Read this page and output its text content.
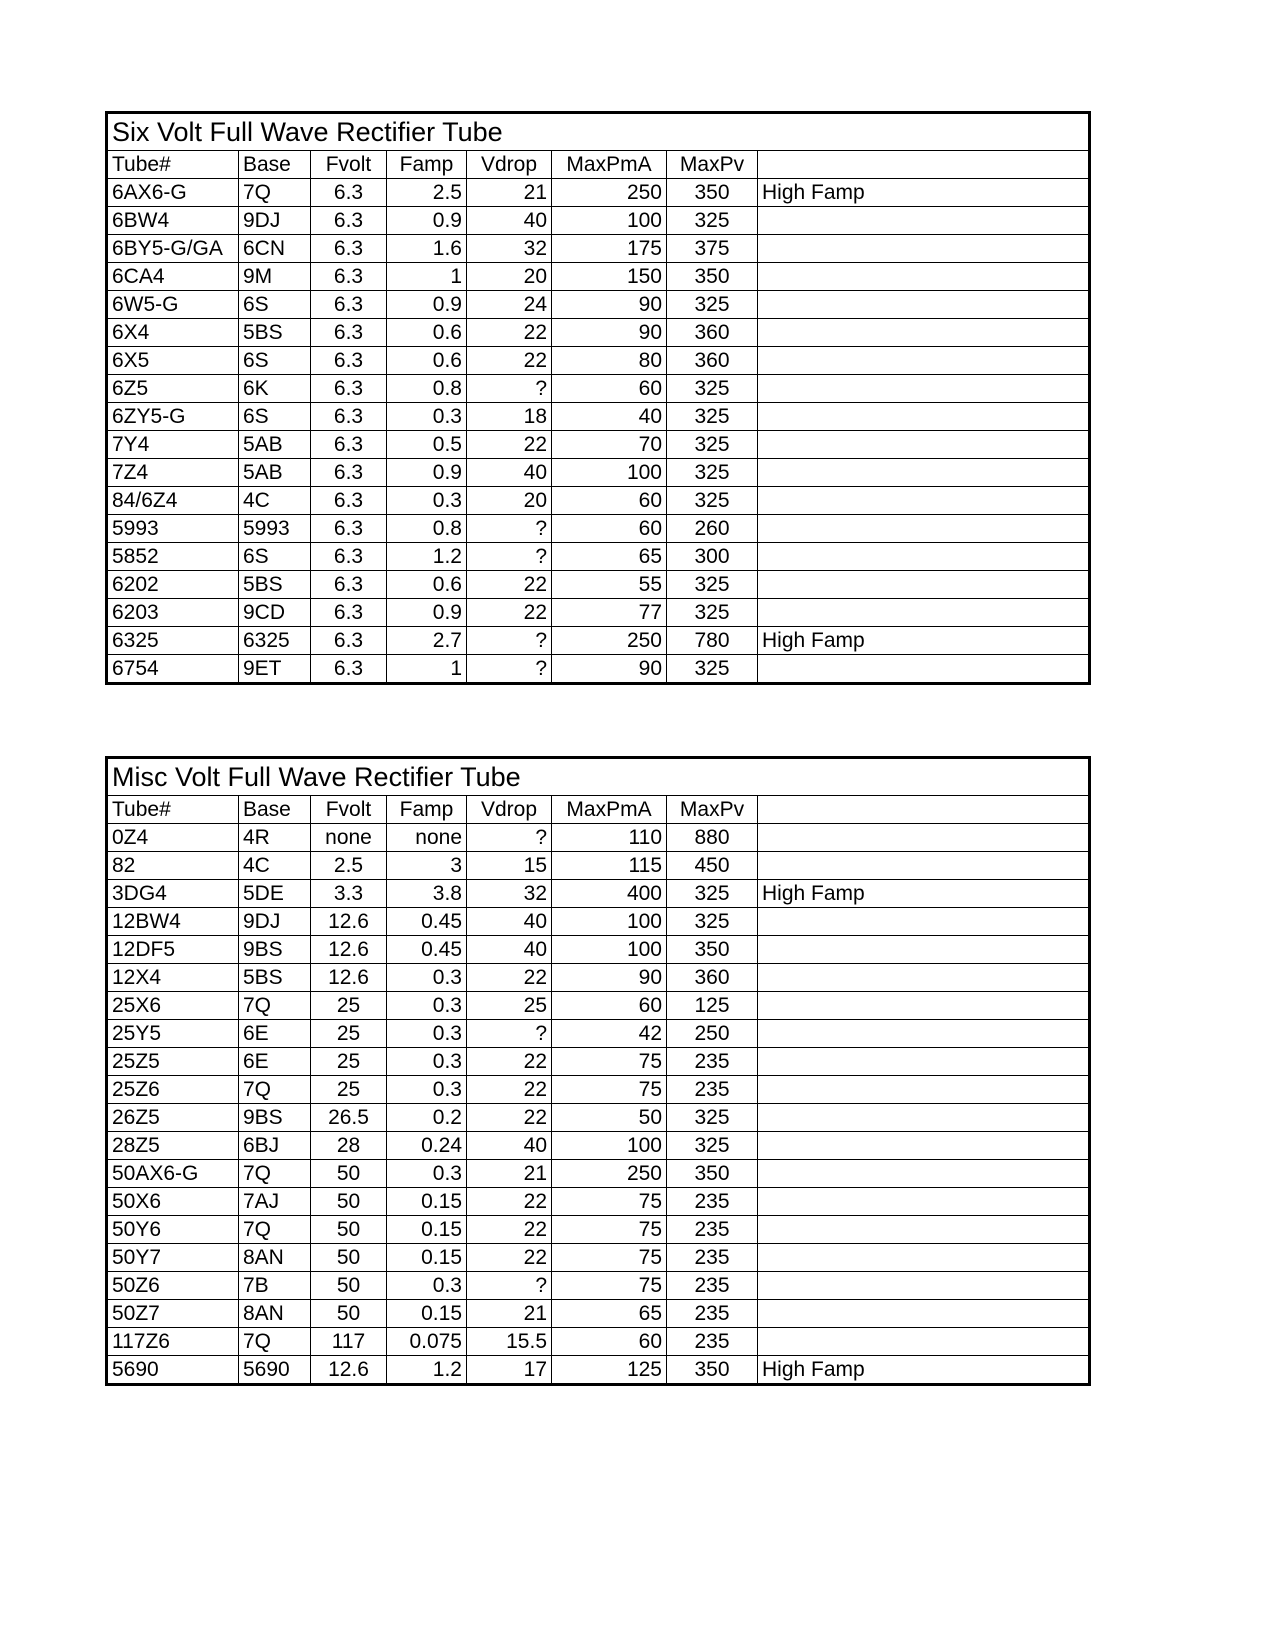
Six Volt Full Wave Rectifier Tube							
Tube#	Base	Fvolt	Famp	Vdrop	MaxPmA	MaxPv	
6AX6-G	7Q	6.3	2.5	21	250	350	High Famp
6BW4	9DJ	6.3	0.9	40	100	325	
6BY5-G/GA	6CN	6.3	1.6	32	175	375	
6CA4	9M	6.3	1	20	150	350	
6W5-G	6S	6.3	0.9	24	90	325	
6X4	5BS	6.3	0.6	22	90	360	
6X5	6S	6.3	0.6	22	80	360	
6Z5	6K	6.3	0.8	?	60	325	
6ZY5-G	6S	6.3	0.3	18	40	325	
7Y4	5AB	6.3	0.5	22	70	325	
7Z4	5AB	6.3	0.9	40	100	325	
84/6Z4	4C	6.3	0.3	20	60	325	
5993	5993	6.3	0.8	?	60	260	
5852	6S	6.3	1.2	?	65	300	
6202	5BS	6.3	0.6	22	55	325	
6203	9CD	6.3	0.9	22	77	325	
6325	6325	6.3	2.7	?	250	780	High Famp
6754	9ET	6.3	1	?	90	325	
Misc Volt Full Wave Rectifier Tube							
Tube#	Base	Fvolt	Famp	Vdrop	MaxPmA	MaxPv	
0Z4	4R	none	none	?	110	880	
82	4C	2.5	3	15	115	450	
3DG4	5DE	3.3	3.8	32	400	325	High Famp
12BW4	9DJ	12.6	0.45	40	100	325	
12DF5	9BS	12.6	0.45	40	100	350	
12X4	5BS	12.6	0.3	22	90	360	
25X6	7Q	25	0.3	25	60	125	
25Y5	6E	25	0.3	?	42	250	
25Z5	6E	25	0.3	22	75	235	
25Z6	7Q	25	0.3	22	75	235	
26Z5	9BS	26.5	0.2	22	50	325	
28Z5	6BJ	28	0.24	40	100	325	
50AX6-G	7Q	50	0.3	21	250	350	
50X6	7AJ	50	0.15	22	75	235	
50Y6	7Q	50	0.15	22	75	235	
50Y7	8AN	50	0.15	22	75	235	
50Z6	7B	50	0.3	?	75	235	
50Z7	8AN	50	0.15	21	65	235	
117Z6	7Q	117	0.075	15.5	60	235	
5690	5690	12.6	1.2	17	125	350	High Famp
